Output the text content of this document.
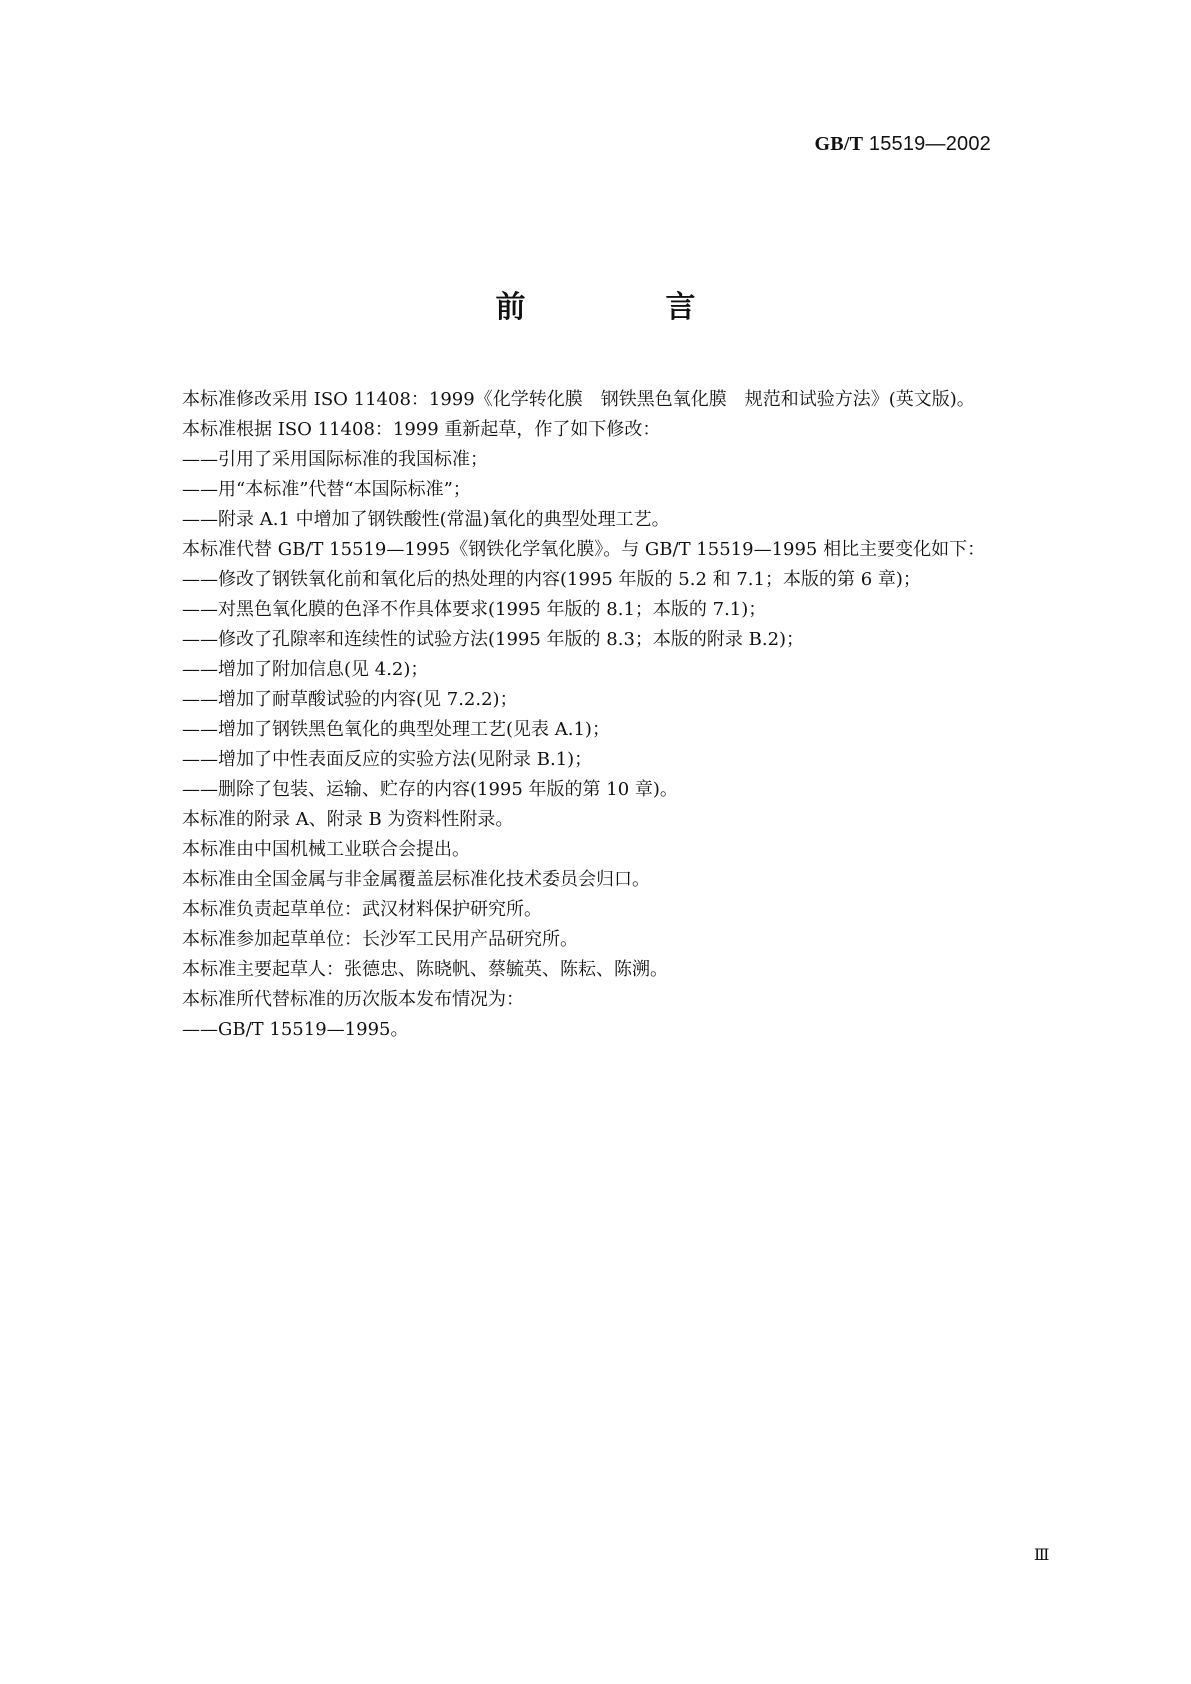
GB/T 15519—2002
前　言
本标准修改采用 ISO 11408：1999《化学转化膜　钢铁黑色氧化膜　规范和试验方法》(英文版)。
本标准根据 ISO 11408：1999 重新起草，作了如下修改：
——引用了采用国际标准的我国标准；
——用“本标准”代替“本国际标准”；
——附录 A.1 中增加了钢铁酸性(常温)氧化的典型处理工艺。
本标准代替 GB/T 15519—1995《钢铁化学氧化膜》。与 GB/T 15519—1995 相比主要变化如下：
——修改了钢铁氧化前和氧化后的热处理的内容(1995 年版的 5.2 和 7.1；本版的第 6 章)；
——对黑色氧化膜的色泽不作具体要求(1995 年版的 8.1；本版的 7.1)；
——修改了孔隙率和连续性的试验方法(1995 年版的 8.3；本版的附录 B.2)；
——增加了附加信息(见 4.2)；
——增加了耐草酸试验的内容(见 7.2.2)；
——增加了钢铁黑色氧化的典型处理工艺(见表 A.1)；
——增加了中性表面反应的实验方法(见附录 B.1)；
——删除了包装、运输、贮存的内容(1995 年版的第 10 章)。
本标准的附录 A、附录 B 为资料性附录。
本标准由中国机械工业联合会提出。
本标准由全国金属与非金属覆盖层标准化技术委员会归口。
本标准负责起草单位：武汉材料保护研究所。
本标准参加起草单位：长沙军工民用产品研究所。
本标准主要起草人：张德忠、陈晓帆、蔡毓英、陈耘、陈溯。
本标准所代替标准的历次版本发布情况为：
——GB/T 15519—1995。
Ⅲ
